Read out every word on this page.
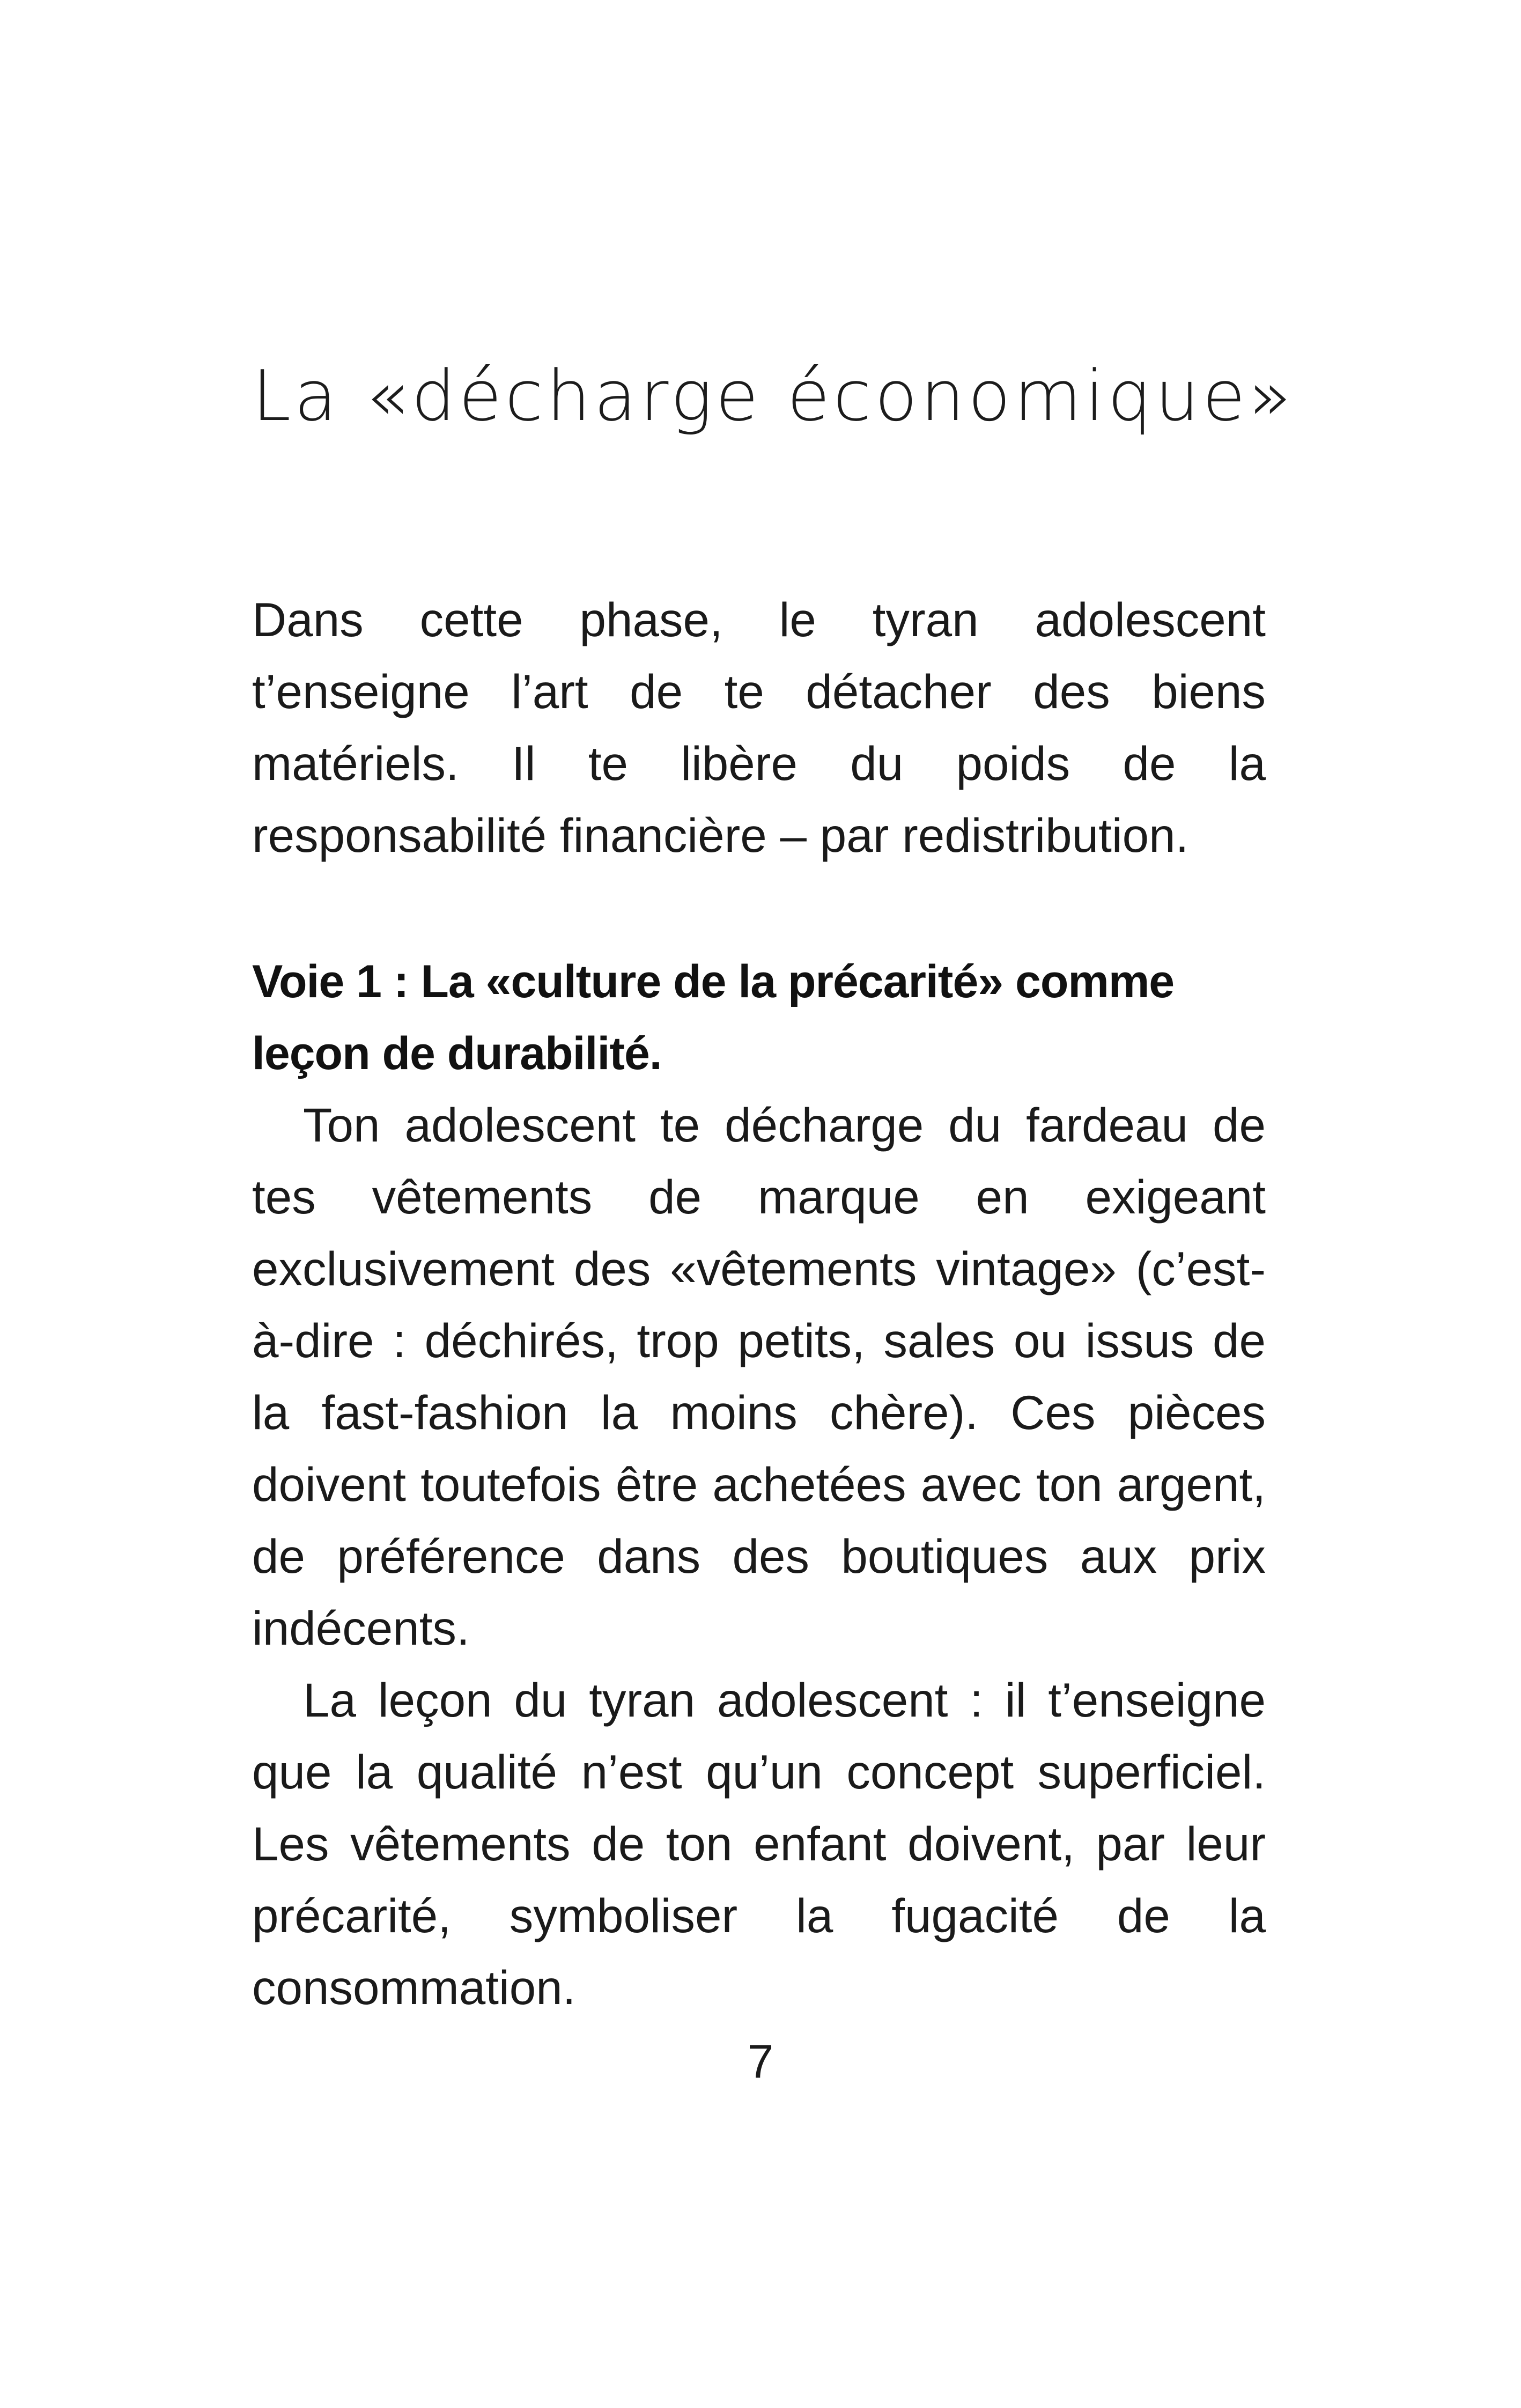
La «décharge économique»

Dans cette phase, le tyran adolescent t’enseigne l’art de te détacher des biens matériels. Il te libère du poids de la responsabilité financière – par redistribution.

Voie 1 : La «culture de la précarité» comme leçon de durabilité.

Ton adolescent te décharge du fardeau de tes vêtements de marque en exigeant exclusivement des «vêtements vintage» (c’est-à-dire : déchirés, trop petits, sales ou issus de la fast-fashion la moins chère). Ces pièces doivent toutefois être achetées avec ton argent, de préférence dans des boutiques aux prix indécents.

La leçon du tyran adolescent : il t’enseigne que la qualité n’est qu’un concept superficiel. Les vêtements de ton enfant doivent, par leur précarité, symboliser la fugacité de la consommation.

7
